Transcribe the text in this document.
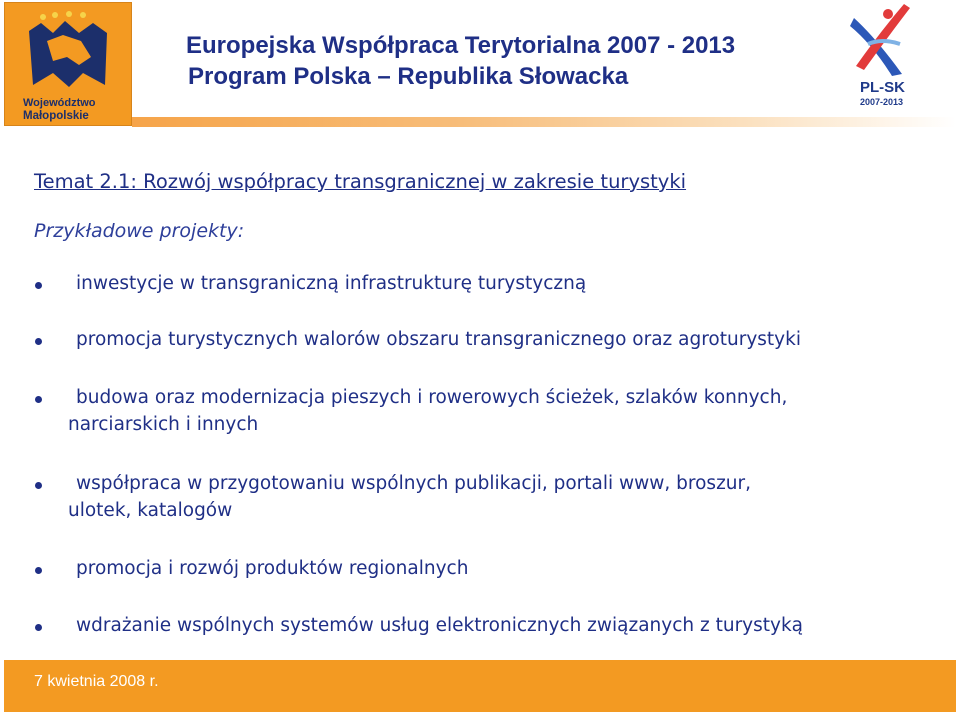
Województwo
Małopolskie
Europejska Współpraca Terytorialna 2007 - 2013
Program Polska – Republika Słowacka	PL-SK
2007-2013
Temat 2.1: Rozwój współpracy transgranicznej w zakresie turystyki
Przykładowe projekty:
inwestycje w transgraniczną infrastrukturę turystyczną
promocja turystycznych walorów obszaru transgranicznego oraz agroturystyki
budowa oraz modernizacja pieszych i rowerowych ścieżek, szlaków konnych,
narciarskich i innych
współpraca w przygotowaniu wspólnych publikacji, portali www, broszur,
ulotek, katalogów
promocja i rozwój produktów regionalnych
wdrażanie wspólnych systemów usług elektronicznych związanych z turystyką
7 kwietnia 2008 r.
